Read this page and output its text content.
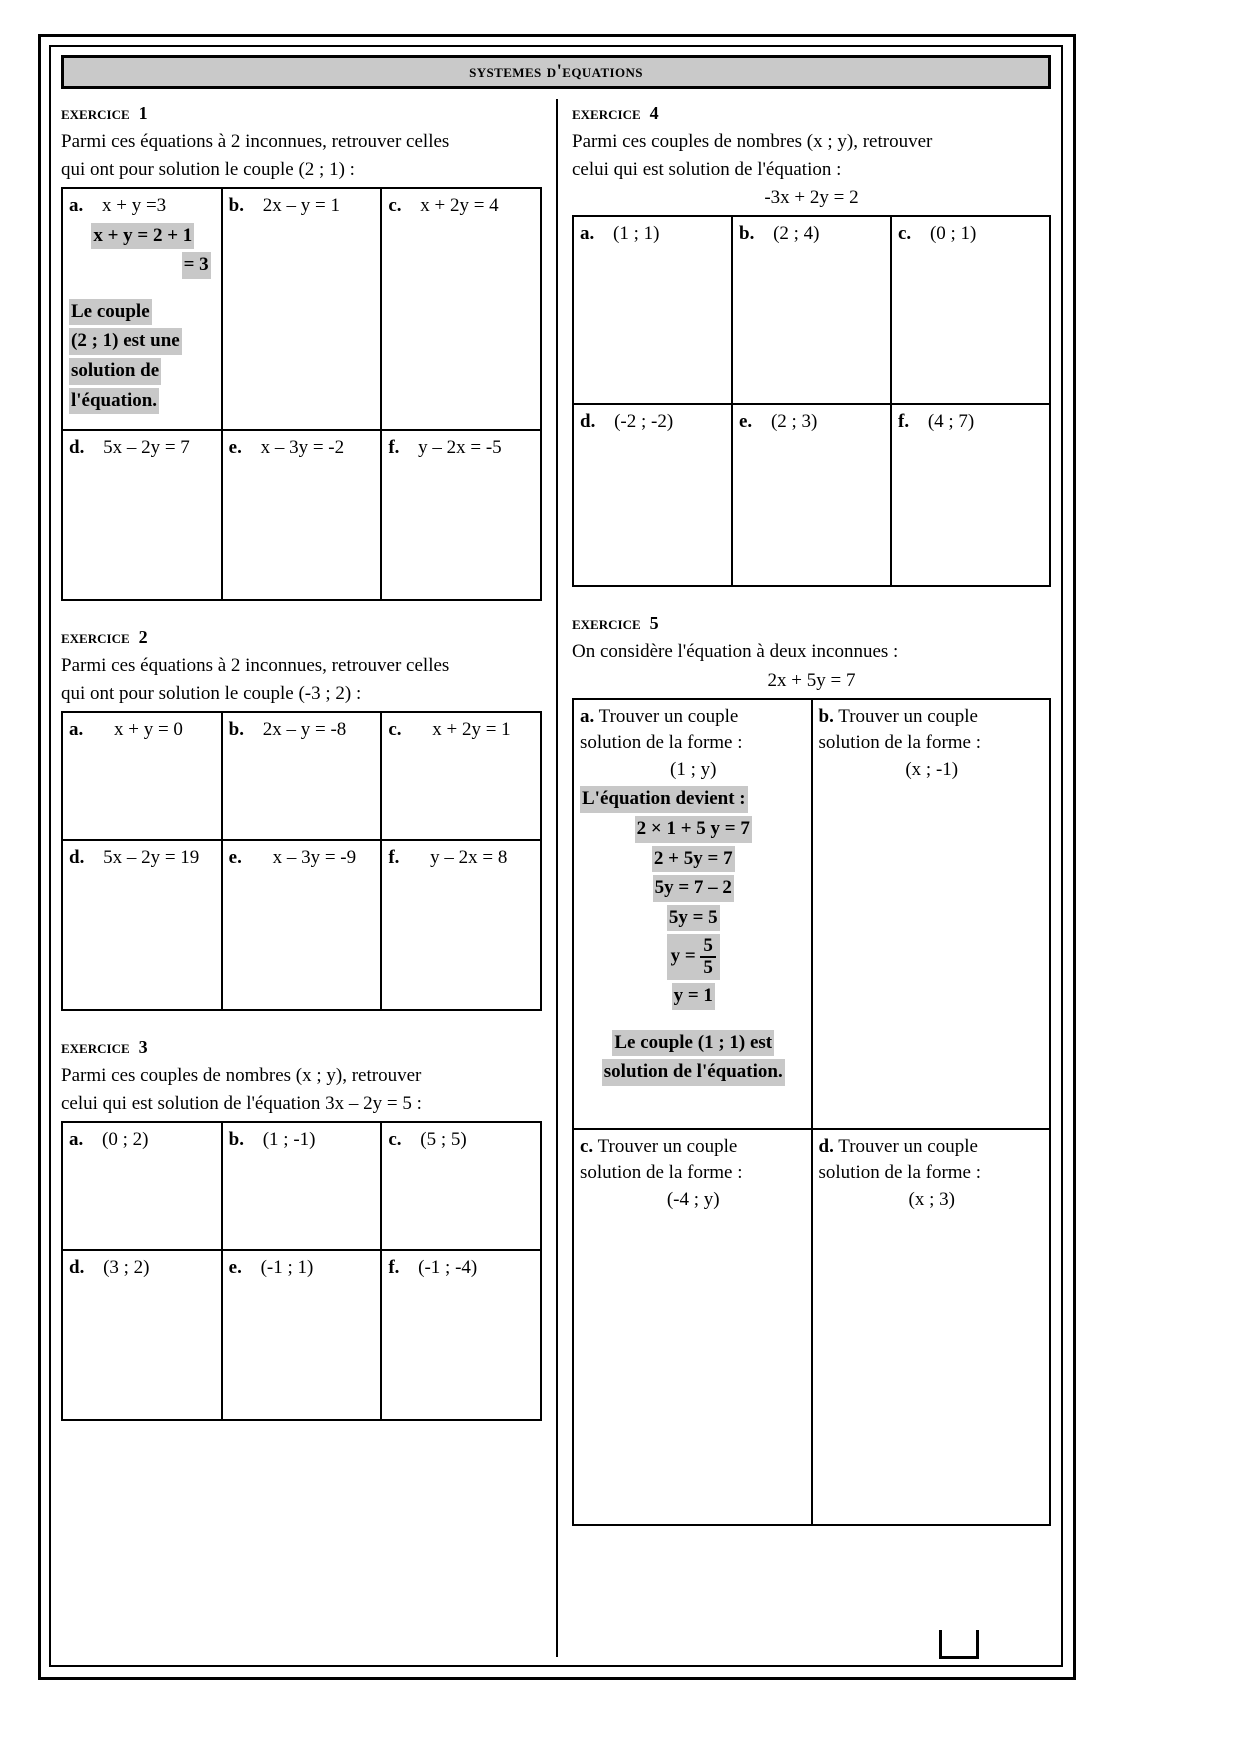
systemes d'equations
exercice 1
Parmi ces équations à 2 inconnues, retrouver celles
qui ont pour solution le couple (2 ; 1) :
a. x + y =3
x + y = 2 + 1
= 3
Le couple
(2 ; 1) est une
solution de
l'équation.
	b. 2x – y = 1	c. x + 2y = 4
d. 5x – 2y = 7	e. x – 3y = -2	f. y – 2x = -5
exercice 2
Parmi ces équations à 2 inconnues, retrouver celles
qui ont pour solution le couple (-3 ; 2) :
a. x + y = 0	b. 2x – y = -8	c. x + 2y = 1
d. 5x – 2y = 19	e. x – 3y = -9	f. y – 2x = 8
exercice 3
Parmi ces couples de nombres (x ; y), retrouver
celui qui est solution de l'équation 3x – 2y = 5 :
a. (0 ; 2)	b. (1 ; -1)	c. (5 ; 5)
d. (3 ; 2)	e. (-1 ; 1)	f. (-1 ; -4)
exercice 4
Parmi ces couples de nombres (x ; y), retrouver
celui qui est solution de l'équation :
-3x + 2y = 2
a. (1 ; 1)	b. (2 ; 4)	c. (0 ; 1)
d. (-2 ; -2)	e. (2 ; 3)	f. (4 ; 7)
exercice 5
On considère l'équation à deux inconnues :
2x + 5y = 7
a. Trouver un couple
solution de la forme :
(1 ; y)
L'équation devient :
2 × 1 + 5 y = 7
2 + 5y = 7
5y = 7 – 2
5y = 5
$y = \frac{5}{5}$
y = 1
Le couple (1 ; 1) est
solution de l'équation.
	b. Trouver un couple
solution de la forme :
(x ; -1)

c. Trouver un couple
solution de la forme :
(-4 ; y)
	d. Trouver un couple
solution de la forme :
(x ; 3)
